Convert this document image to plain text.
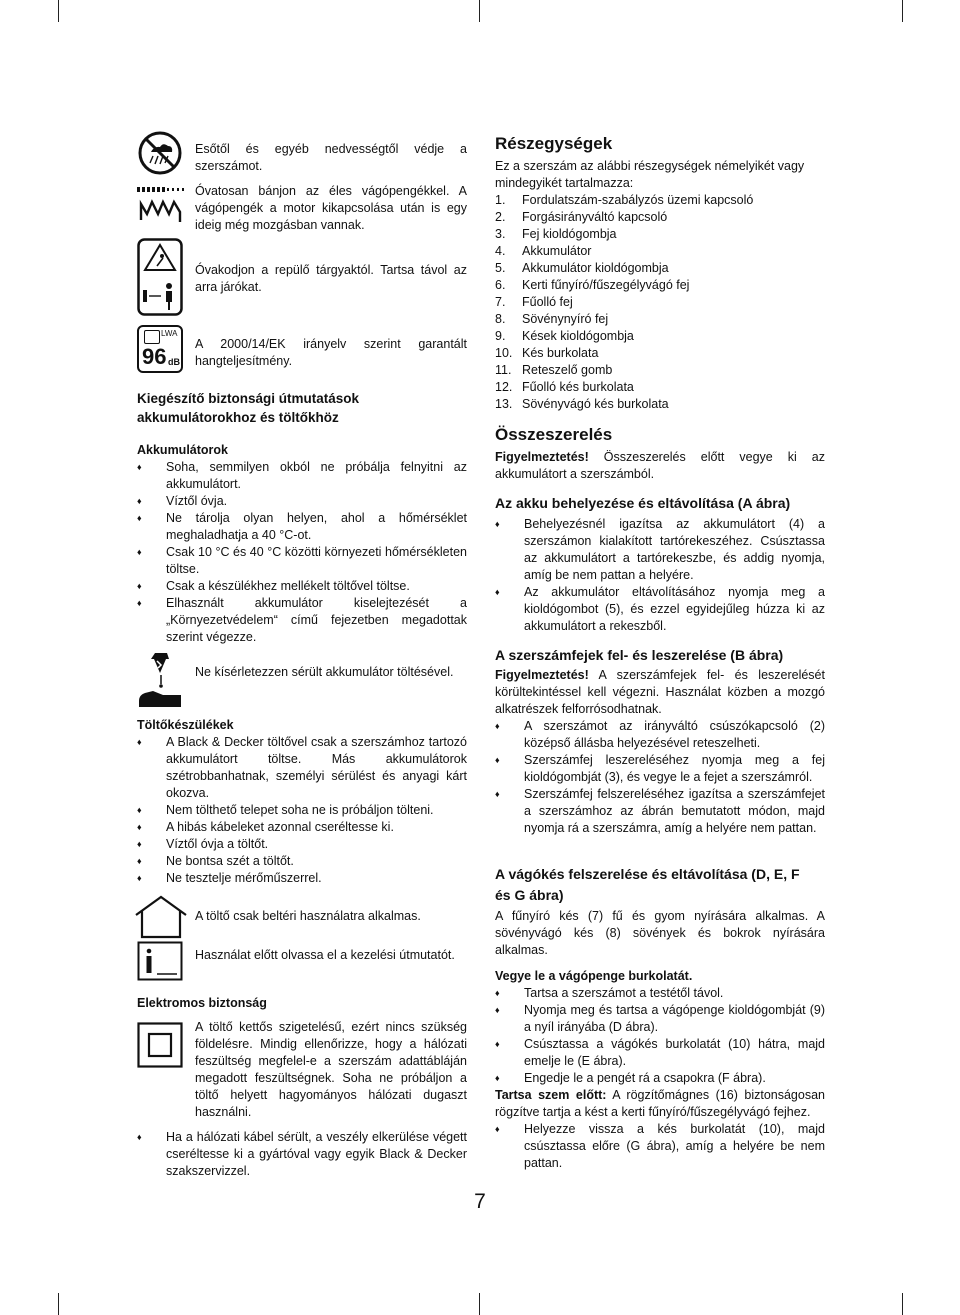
Esőtől és egyéb nedvességtől védje a szerszámot.

Óvatosan bánjon az éles vágópengékkel. A vágópengék a motor kikapcsolása után is egy ideig még mozgásban vannak.

Óvakodjon a repülő tárgyaktól. Tartsa távol az arra járókat.

LWA
96 dB

A 2000/14/EK irányelv szerint garantált hangteljesítmény.

Kiegészítő biztonsági útmutatások akkumulátorokhoz és töltőkhöz
Akkumulátorok
♦	Soha, semmilyen okból ne próbálja felnyitni az akkumulátort.
♦	Víztől óvja.
♦	Ne tárolja olyan helyen, ahol a hőmérséklet meghaladhatja a 40 °C-ot.
♦	Csak 10 °C és 40 °C közötti környezeti hőmérsékleten töltse.
♦	Csak a készülékhez mellékelt töltővel töltse.
♦	Elhasznált akkumulátor kiselejtezését a „Környezetvédelem“ című fejezetben megadottak szerint végezze.

Ne kísérletezzen sérült akkumulátor töltésével.

Töltőkészülékek
♦	A Black & Decker töltővel csak a szerszámhoz tartozó akkumulátort töltse. Más akkumulátorok szétrobbanhatnak, személyi sérülést és anyagi kárt okozva.
♦	Nem tölthető telepet soha ne is próbáljon tölteni.
♦	A hibás kábeleket azonnal cseréltesse ki.
♦	Víztől óvja a töltőt.
♦	Ne bontsa szét a töltőt.
♦	Ne tesztelje mérőműszerrel.

A töltő csak beltéri használatra alkalmas.

Használat előtt olvassa el a kezelési útmutatót.

Elektromos biztonság

A töltő kettős szigetelésű, ezért nincs szükség földelésre. Mindig ellenőrizze, hogy a hálózati feszültség megfelel-e a szerszám adattábláján megadott feszültségnek. Soha ne próbáljon a töltő helyett hagyományos hálózati dugaszt használni.

♦	Ha a hálózati kábel sérült, a veszély elkerülése végett cseréltesse ki a gyártóval vagy egyik Black & Decker szakszervizzel.
Részegységek

Ez a szerszám az alábbi részegységek némelyikét vagy mindegyikét tartalmazza:

1.	Fordulatszám-szabályzós üzemi kapcsoló
2.	Forgásirányváltó kapcsoló
3.	Fej kioldógombja
4.	Akkumulátor
5.	Akkumulátor kioldógombja
6.	Kerti fűnyíró/fűszegélyvágó fej
7.	Fűolló fej
8.	Sövénynyíró fej
9.	Kések kioldógombja
10. Kés burkolata
11. Reteszelő gomb
12. Fűolló kés burkolata
13. Sövényvágó kés burkolata
Összeszerelés

Figyelmeztetés! Összeszerelés előtt vegye ki az akkumulátort a szerszámból.

Az akku behelyezése és eltávolítása (A ábra)
♦	Behelyezésnél igazítsa az akkumulátort (4) a szerszámon kialakított tartórekeszéhez. Csúsztassa az akkumulátort a tartórekeszbe, és addig nyomja, amíg be nem pattan a helyére.
♦	Az akkumulátor eltávolításához nyomja meg a kioldógombot (5), és ezzel egyidejűleg húzza ki az akkumulátort a rekeszből.
A szerszámfejek fel- és leszerelése (B ábra)

Figyelmeztetés! A szerszámfejek fel- és leszerelését körültekintéssel kell végezni. Használat közben a mozgó alkatrészek felforrósodhatnak.

♦	A szerszámot az irányváltó csúszókapcsoló (2) középső állásba helyezésével reteszelheti.
♦	Szerszámfej leszereléséhez nyomja meg a fej kioldógombját (3), és vegye le a fejet a szerszámról.
♦	Szerszámfej felszereléséhez igazítsa a szerszámfejet a szerszámhoz az ábrán bemutatott módon, majd nyomja rá a szerszámra, amíg a helyére nem pattan.
A vágókés felszerelése és eltávolítása (D, E, F és G ábra)

A fűnyíró kés (7) fű és gyom nyírására alkalmas. A sövényvágó kés (8) sövények és bokrok nyírására alkalmas.

Vegye le a vágópenge burkolatát.
♦	Tartsa a szerszámot a testétől távol.
♦	Nyomja meg és tartsa a vágópenge kioldógombját (9) a nyíl irányába (D ábra).
♦	Csúsztassa a vágókés burkolatát (10) hátra, majd emelje le (E ábra).
♦	Engedje le a pengét rá a csapokra (F ábra).

Tartsa szem előtt: A rögzítőmágnes (16) biztonságosan rögzítve tartja a kést a kerti fűnyíró/fűszegélyvágó fejhez.

♦	Helyezze vissza a kés burkolatát (10), majd csúsztassa előre (G ábra), amíg a helyére be nem pattan.
7
